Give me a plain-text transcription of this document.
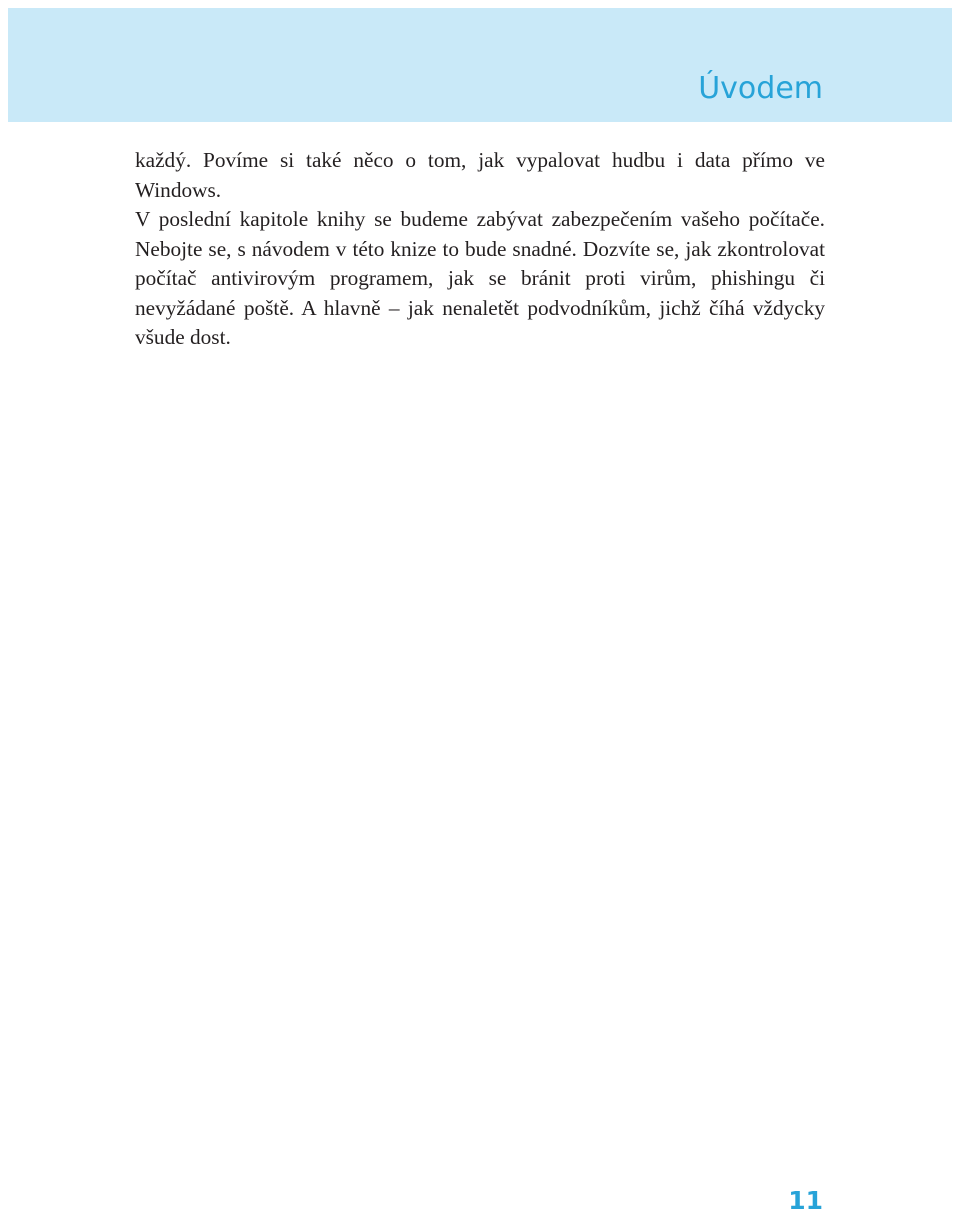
Úvodem

každý. Povíme si také něco o tom, jak vypalovat hudbu i data přímo ve Windows.

V poslední kapitole knihy se budeme zabývat zabezpečením vašeho počítače. Nebojte se, s návodem v této knize to bude snadné. Dozvíte se, jak zkontrolovat počítač antivirovým programem, jak se bránit proti virům, phishingu či nevyžádané poště. A hlavně – jak nenaletět podvodníkům, jichž číhá vždycky všude dost.

11
